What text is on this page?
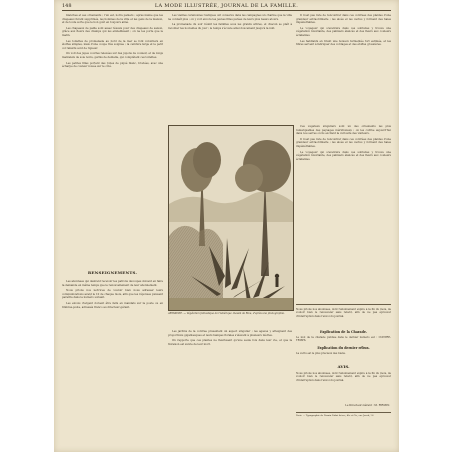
148	LA MODE ILLUSTRÉE, JOURNAL DE LA FAMILLE.

blanches et ses ornements ; l'un est, notre paniers ; après même que les chapeaux furent supprimés, les hommes de la ville et les gens de la maison, et de toute sorte que le bon goût en toujours aimé.

Les chapeaux de paille sont assez réussis pour des chapeaux de saison, grâce aux fleurs des champs qui les embellissent ; on ne les porte que le matin.

Les toilettes de promenade au bord de la mer se font volontiers en étoffes simples, mais d'une coupe très soignée ; la ceinture large et le petit col rabattu sont de rigueur.

On voit des jupes courtes relevées sur des jupons de couleur, et de longs mantelets de soie noire, garnis de dentelle, qui complètent ces toilettes.

Les petites filles portent des robes de piqué blanc, brodées, avec une écharpe de couleur nouée sur le côté.

RENSEIGNEMENTS.

Les abonnées qui désirent recevoir les patrons découpés doivent en faire la demande en même temps que le renouvellement de leur abonnement.

Nous prions nos lectrices de vouloir bien nous adresser leurs communications avant le 10 de chaque mois, afin que les réponses puissent paraître dans le numéro suivant.

Les envois d'argent doivent être faits en mandats sur la poste ou en timbres-poste, adressés franco au directeur-gérant.

Les vieilles cérémonies rustiques ont conservé dans les campagnes un charme que la ville ne connaît plus ; on y voit encore les jeunes filles parées de leurs plus beaux atours.

La promenade du soir réunit les familles sous les grands arbres, et chacun se plaît à raconter les nouvelles du jour ; le temps s'écoule ainsi doucement jusqu'à la nuit.

Il n'est pas rare de rencontrer dans ces contrées des plantes d'une grandeur extraordinaire ; les aloès et les cactus y forment des haies impénétrables.

Le voyageur qui s'aventure dans ces solitudes y trouve une végétation luxuriante, des palmiers élancés et des fleurs aux couleurs éclatantes.

Les habitants en tirent une boisson fermentée fort estimée, et les fibres servent à fabriquer des cordages et des étoffes grossières.

ABYSSINIE. — Végétation fantastique de l'Amérique. Dessin de Riou, d'après une photographie.

Les jardins de la contrée présentent un aspect singulier ; les agaves y atteignent des proportions gigantesques et leurs hampes florales s'élèvent à plusieurs mètres.

On rapporte que ces plantes ne fleurissent qu'une seule fois dans leur vie, et que la floraison est suivie de leur mort.

Ces végétaux singuliers sont un des ornements les plus remarquables des paysages méridionaux ; on les cultive aujourd'hui dans nos serres où ils excitent la curiosité des visiteurs.

Il n'est pas rare de rencontrer dans ces contrées des plantes d'une grandeur extraordinaire ; les aloès et les cactus y forment des haies impénétrables.

Le voyageur qui s'aventure dans ces solitudes y trouve une végétation luxuriante, des palmiers élancés et des fleurs aux couleurs éclatantes.

Nous prions nos abonnées, dont l'abonnement expire à la fin du mois, de vouloir bien le renouveler sans retard, afin de ne pas éprouver d'interruption dans l'envoi du journal.
Explication de la Charade.
Le mot de la charade publiée dans le dernier numéro est : CONTRE-TEMPS.
Explication du dernier rébus.
La vertu est le plus précieux des biens.
AVIS.
Nous prions nos abonnées, dont l'abonnement expire à la fin du mois, de vouloir bien le renouveler sans retard, afin de ne pas éprouver d'interruption dans l'envoi du journal.
Le Directeur-Gérant : M. FIRMIN.
Paris. — Typographie de Firmin Didot frères, fils et Cie, rue Jacob, 56.
